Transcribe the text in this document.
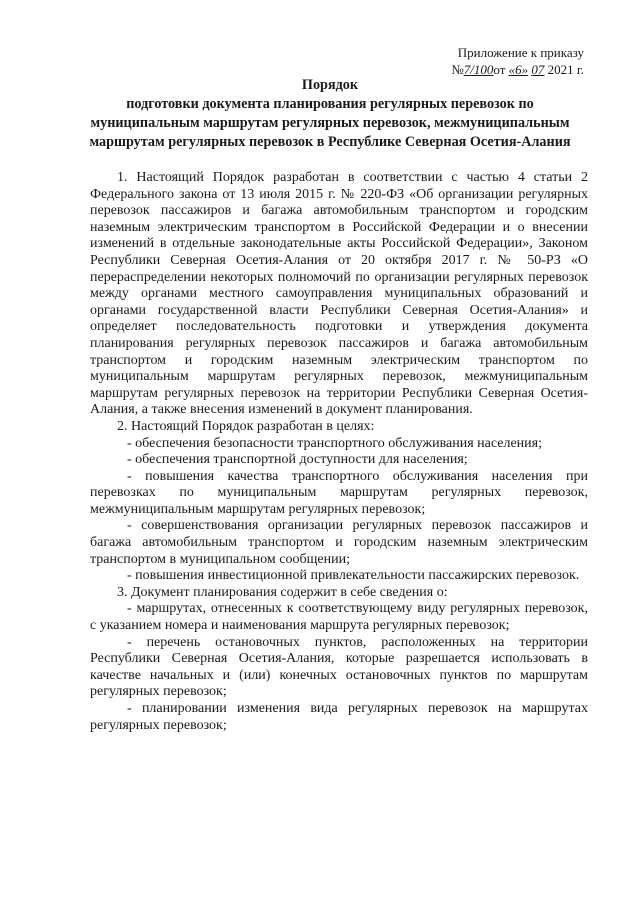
Приложение к приказу
№7/100от «6» 07 2021 г.
Порядок
подготовки документа планирования регулярных перевозок по муниципальным маршрутам регулярных перевозок, межмуниципальным маршрутам регулярных перевозок в Республике Северная Осетия-Алания

1. Настоящий Порядок разработан в соответствии с частью 4 статьи 2 Федерального закона от 13 июля 2015 г. № 220-ФЗ «Об организации регулярных перевозок пассажиров и багажа автомобильным транспортом и городским наземным электрическим транспортом в Российской Федерации и о внесении изменений в отдельные законодательные акты Российской Федерации», Законом Республики Северная Осетия-Алания от 20 октября 2017 г. № 50-РЗ «О перераспределении некоторых полномочий по организации регулярных перевозок между органами местного самоуправления муниципальных образований и органами государственной власти Республики Северная Осетия-Алания» и определяет последовательность подготовки и утверждения документа планирования регулярных перевозок пассажиров и багажа автомобильным транспортом и городским наземным электрическим транспортом по муниципальным маршрутам регулярных перевозок, межмуниципальным маршрутам регулярных перевозок на территории Республики Северная Осетия-Алания, а также внесения изменений в документ планирования.

2. Настоящий Порядок разработан в целях:

- обеспечения безопасности транспортного обслуживания населения;

- обеспечения транспортной доступности для населения;

- повышения качества транспортного обслуживания населения при перевозках по муниципальным маршрутам регулярных перевозок, межмуниципальным маршрутам регулярных перевозок;

- совершенствования организации регулярных перевозок пассажиров и багажа автомобильным транспортом и городским наземным электрическим транспортом в муниципальном сообщении;

- повышения инвестиционной привлекательности пассажирских перевозок.

3. Документ планирования содержит в себе сведения о:

- маршрутах, отнесенных к соответствующему виду регулярных перевозок, с указанием номера и наименования маршрута регулярных перевозок;

- перечень остановочных пунктов, расположенных на территории Республики Северная Осетия-Алания, которые разрешается использовать в качестве начальных и (или) конечных остановочных пунктов по маршрутам регулярных перевозок;

- планировании изменения вида регулярных перевозок на маршрутах регулярных перевозок;
